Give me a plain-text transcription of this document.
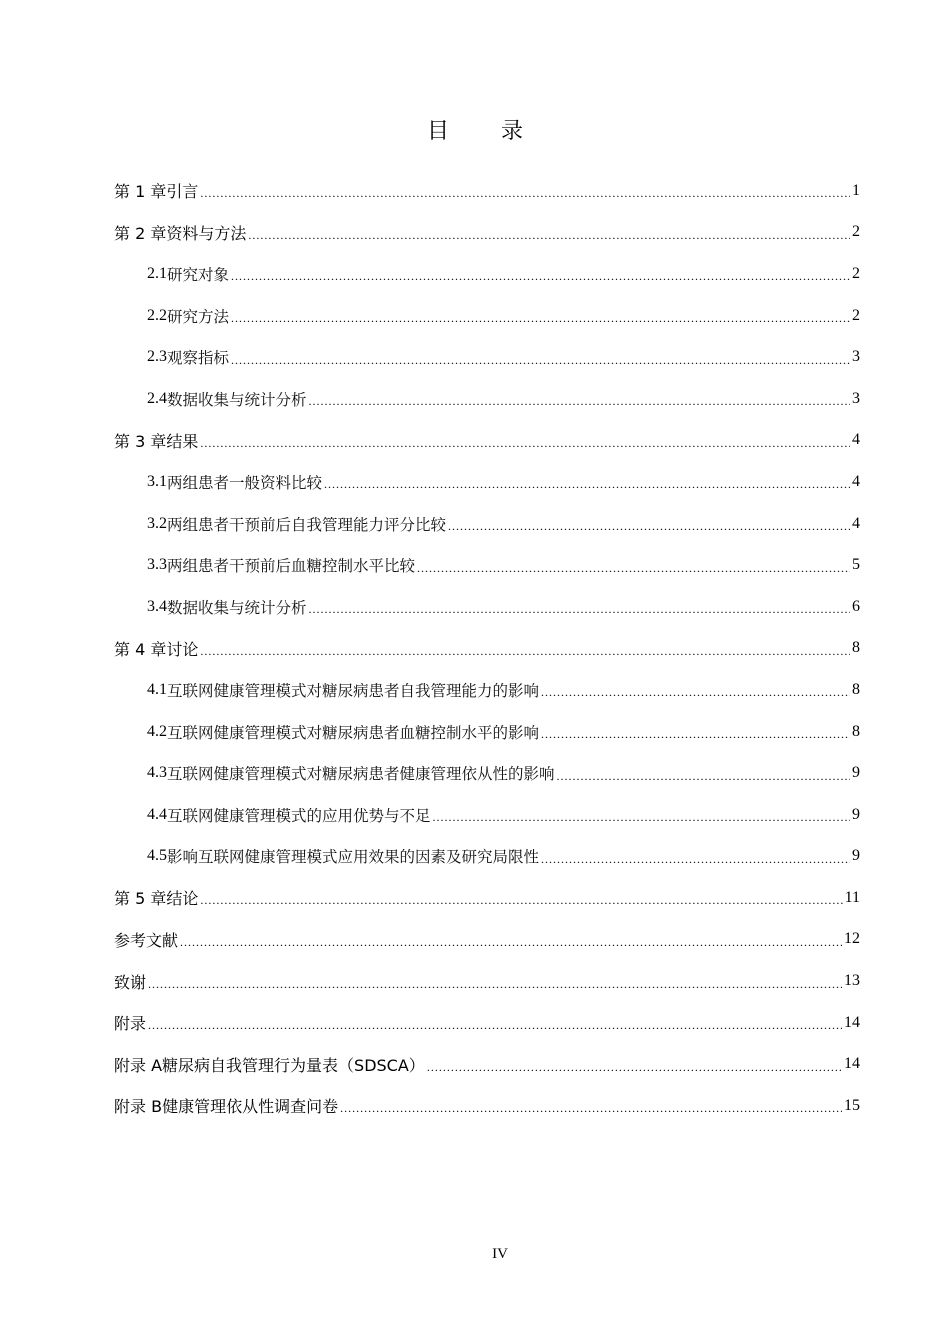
目 录
第 1 章 引言 .....	1
第 2 章 资料与方法 .....	2
2.1 研究对象 .....	2
2.2 研究方法 .....	2
2.3 观察指标 .....	3
2.4 数据收集与统计分析 .....	3
第 3 章 结果 .....	4
3.1 两组患者一般资料比较 .....	4
3.2 两组患者干预前后自我管理能力评分比较 .....	4
3.3 两组患者干预前后血糖控制水平比较 .....	5
3.4 数据收集与统计分析 .....	6
第 4 章 讨论 .....	8
4.1 互联网健康管理模式对糖尿病患者自我管理能力的影响 .....	8
4.2 互联网健康管理模式对糖尿病患者血糖控制水平的影响 .....	8
4.3 互联网健康管理模式对糖尿病患者健康管理依从性的影响 .....	9
4.4 互联网健康管理模式的应用优势与不足 .....	9
4.5 影响互联网健康管理模式应用效果的因素及研究局限性 .....	9
第 5 章 结论 .....	11
参考文献 .....	12
致谢 .....	13
附录 .....	14
附录 A 糖尿病自我管理行为量表（SDSCA） .....	14
附录 B 健康管理依从性调查问卷 .....	15
IV
